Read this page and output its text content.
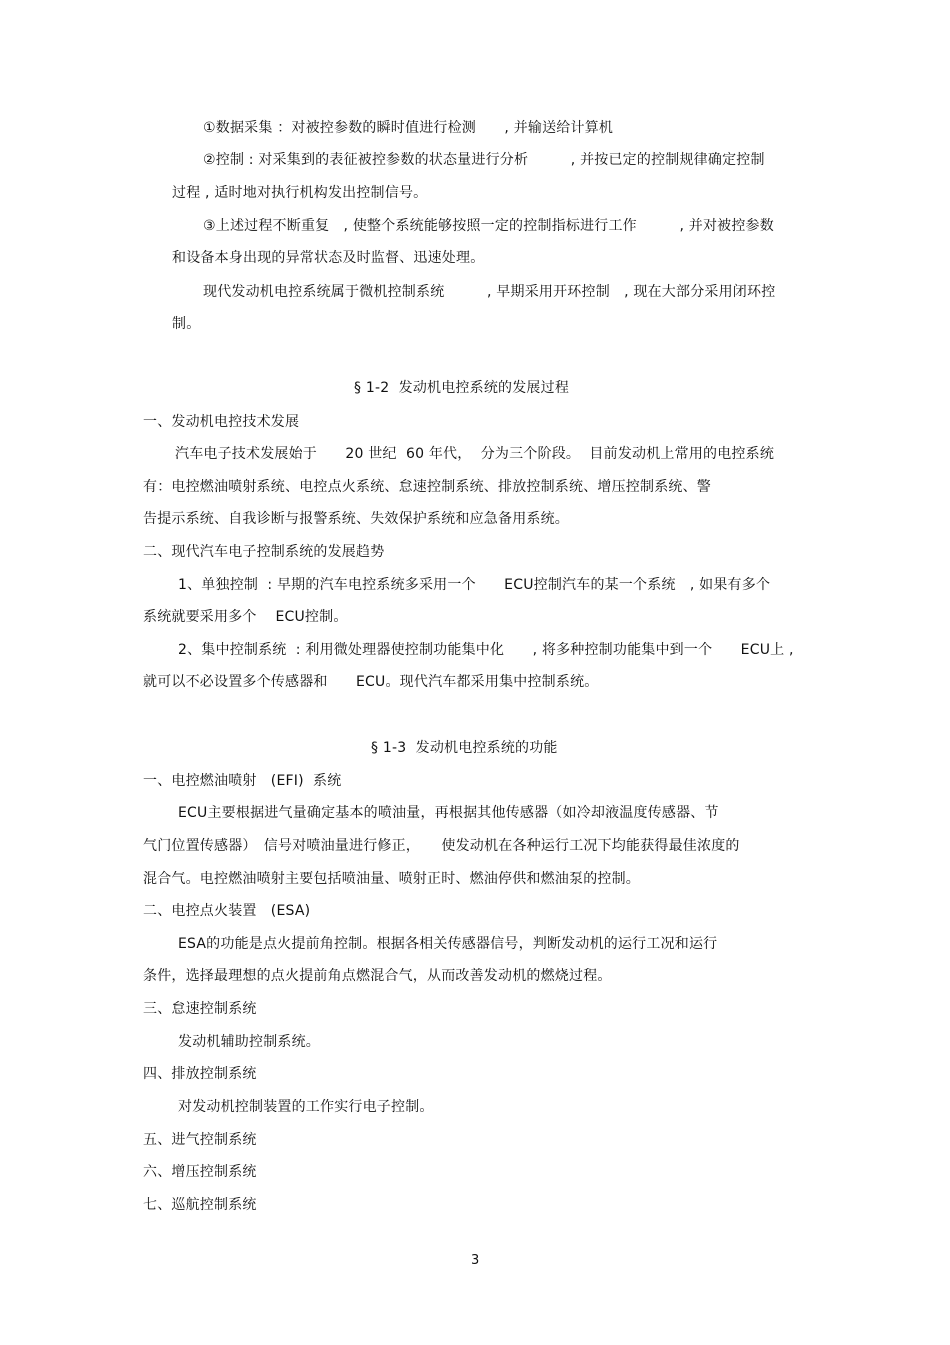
①数据采集 ：对被控参数的瞬时值进行检测　　, 并输送给计算机
②控制 : 对采集到的表征被控参数的状态量进行分析　　　, 并按已定的控制规律确定控制
过程 , 适时地对执行机构发出控制信号。
③上述过程不断重复　, 使整个系统能够按照一定的控制指标进行工作　　　, 并对被控参数
和设备本身出现的异常状态及时监督、迅速处理。
现代发动机电控系统属于微机控制系统　　　, 早期采用开环控制　, 现在大部分采用闭环控
制。
§ 1-2  发动机电控系统的发展过程
一、发动机电控技术发展
汽车电子技术发展始于　　20 世纪  60 年代，  分为三个阶段。  目前发动机上常用的电控系统
有：电控燃油喷射系统、电控点火系统、怠速控制系统、排放控制系统、增压控制系统、警
告提示系统、自我诊断与报警系统、失效保护系统和应急备用系统。
二、现代汽车电子控制系统的发展趋势
1、单独控制  : 早期的汽车电控系统多采用一个　　ECU控制汽车的某一个系统　, 如果有多个
系统就要采用多个　 ECU控制。
2、集中控制系统  : 利用微处理器使控制功能集中化　　, 将多种控制功能集中到一个　　ECU上 ,
就可以不必设置多个传感器和　　ECU。现代汽车都采用集中控制系统。
§ 1-3  发动机电控系统的功能
一、电控燃油喷射　(EFI)  系统
ECU主要根据进气量确定基本的喷油量，再根据其他传感器（如冷却液温度传感器、节
气门位置传感器）　信号对喷油量进行修正，　　使发动机在各种运行工况下均能获得最佳浓度的
混合气。电控燃油喷射主要包括喷油量、喷射正时、燃油停供和燃油泵的控制。
二、电控点火装置　(ESA)
ESA的功能是点火提前角控制。根据各相关传感器信号，判断发动机的运行工况和运行
条件，选择最理想的点火提前角点燃混合气，从而改善发动机的燃烧过程。
三、怠速控制系统
发动机辅助控制系统。
四、排放控制系统
对发动机控制装置的工作实行电子控制。
五、进气控制系统
六、增压控制系统
七、巡航控制系统
3
